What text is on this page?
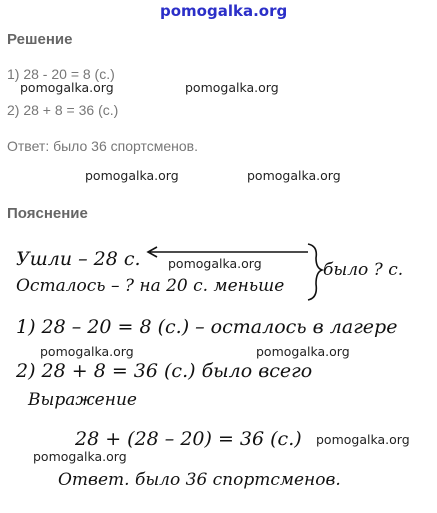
pomogalka.org
Решение
1) 28 - 20 = 8 (с.)
pomogalka.org	pomogalka.org
2) 28 + 8 = 36 (с.)
Ответ: было 36 спортсменов.
pomogalka.org	pomogalka.org
Пояснение
Ушли – 28 с. pomogalka.org
Осталось – ? на 20 с. меньше
было ? с.
1) 28 – 20 = 8 (с.) – осталось в лагере
pomogalka.org	pomogalka.org
2) 28 + 8 = 36 (с.) было всего
Выражение
28 + (28 – 20) = 36 (с.) pomogalka.org
pomogalka.org
Ответ. было 36 спортсменов.
